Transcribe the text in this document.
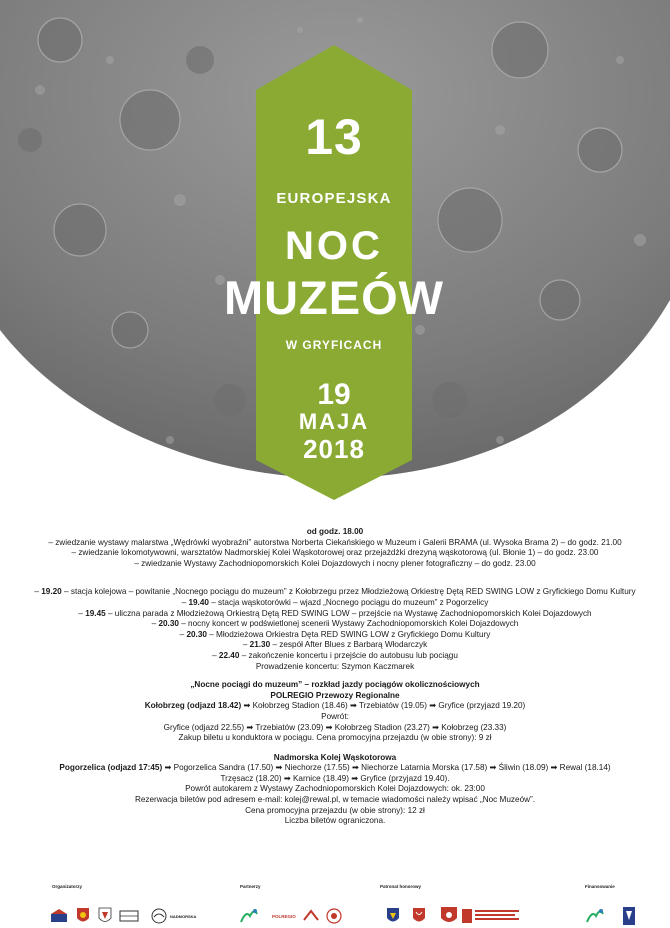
13
EUROPEJSKA
NOC
MUZEÓW
W GRYFICACH
19
MAJA
2018

od godz. 18.00

– zwiedzanie wystawy malarstwa „Wędrówki wyobraźni” autorstwa Norberta Ciekańskiego w Muzeum i Galerii BRAMA (ul. Wysoka Brama 2) – do godz. 21.00

– zwiedzanie lokomotywowni, warsztatów Nadmorskiej Kolei Wąskotorowej oraz przejażdżki drezyną wąskotorową (ul. Błonie 1) – do godz. 23.00

– zwiedzanie Wystawy Zachodniopomorskich Kolei Dojazdowych i nocny plener fotograficzny – do godz. 23.00

– 19.20 – stacja kolejowa – powitanie „Nocnego pociągu do muzeum” z Kołobrzegu przez Młodzieżową Orkiestrę Dętą RED SWING LOW z Gryfickiego Domu Kultury

– 19.40 – stacja wąskotorówki – wjazd „Nocnego pociągu do muzeum” z Pogorzelicy

– 19.45 – uliczna parada z Młodzieżową Orkiestrą Dętą RED SWING LOW – przejście na Wystawę Zachodniopomorskich Kolei Dojazdowych

– 20.30 – nocny koncert w podświetlonej scenerii Wystawy Zachodniopomorskich Kolei Dojazdowych

– 20.30 – Młodzieżowa Orkiestra Dęta RED SWING LOW z Gryfickiego Domu Kultury

– 21.30 – zespół After Blues z Barbarą Włodarczyk

– 22.40 – zakończenie koncertu i przejście do autobusu lub pociągu

Prowadzenie koncertu: Szymon Kaczmarek

„Nocne pociągi do muzeum” – rozkład jazdy pociągów okolicznościowych

POLREGIO Przewozy Regionalne

Kołobrzeg (odjazd 18.42) ➡ Kołobrzeg Stadion (18.46) ➡ Trzebiatów (19.05) ➡ Gryfice (przyjazd 19.20)

Powrót:

Gryfice (odjazd 22.55) ➡ Trzebiatów (23.09) ➡ Kołobrzeg Stadion (23.27) ➡ Kołobrzeg (23.33)

Zakup biletu u konduktora w pociągu. Cena promocyjna przejazdu (w obie strony): 9 zł

Nadmorska Kolej Wąskotorowa

Pogorzelica (odjazd 17:45) ➡ Pogorzelica Sandra (17.50) ➡ Niechorze (17.55) ➡ Niechorze Latarnia Morska (17.58) ➡ Śliwin (18.09) ➡ Rewal (18.14)

Trzęsacz (18.20) ➡ Karnice (18.49) ➡ Gryfice (przyjazd 19.40).

Powrót autokarem z Wystawy Zachodniopomorskich Kolei Dojazdowych: ok. 23:00

Rezerwacja biletów pod adresem e-mail: kolej@rewal.pl, w temacie wiadomości należy wpisać „Noc Muzeów”.

Cena promocyjna przejazdu (w obie strony): 12 zł

Liczba biletów ograniczona.

Organizatorzy	Partnerzy	Patronat honorowy	Finansowanie
NADMORSKA	POLREGIO
